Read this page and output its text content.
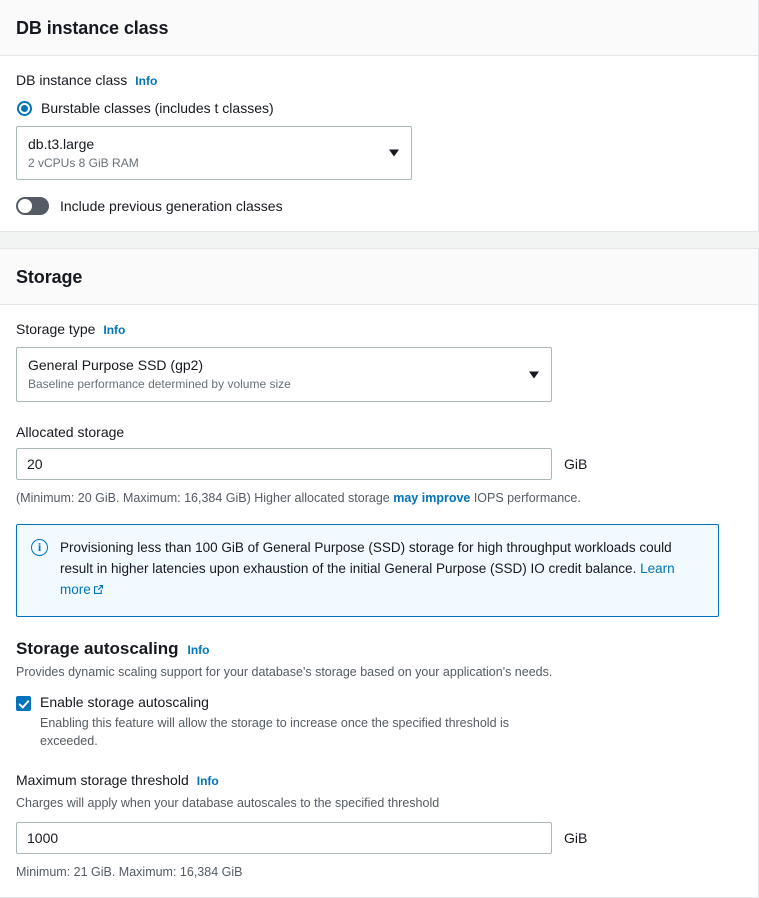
DB instance class
DB instance class Info
Burstable classes (includes t classes)
db.t3.large
2 vCPUs 8 GiB RAM
Include previous generation classes
Storage
Storage type Info
General Purpose SSD (gp2)
Baseline performance determined by volume size
Allocated storage
20
GiB
(Minimum: 20 GiB. Maximum: 16,384 GiB) Higher allocated storage may improve IOPS performance.
i	Provisioning less than 100 GiB of General Purpose (SSD) storage for high throughput workloads could result in higher latencies upon exhaustion of the initial General Purpose (SSD) IO credit balance. Learn more
Storage autoscaling Info
Provides dynamic scaling support for your database's storage based on your application's needs.
Enable storage autoscaling
Enabling this feature will allow the storage to increase once the specified threshold is exceeded.
Maximum storage threshold Info
Charges will apply when your database autoscales to the specified threshold
1000
GiB
Minimum: 21 GiB. Maximum: 16,384 GiB
